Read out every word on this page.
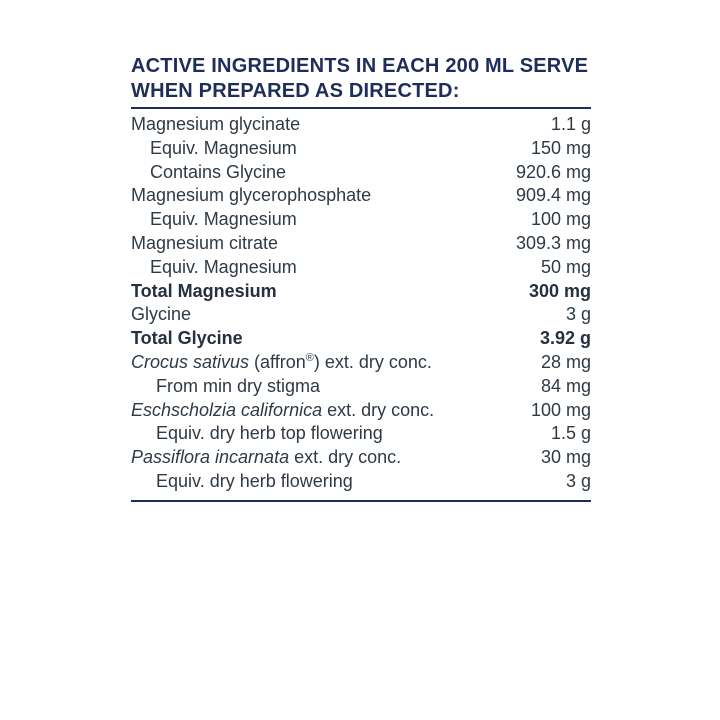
ACTIVE INGREDIENTS IN EACH 200 ML SERVE
WHEN PREPARED AS DIRECTED:
Magnesium glycinate	1.1 g
Equiv. Magnesium	150 mg
Contains Glycine	920.6 mg
Magnesium glycerophosphate	909.4 mg
Equiv. Magnesium	100 mg
Magnesium citrate	309.3 mg
Equiv. Magnesium	50 mg
Total Magnesium	300 mg
Glycine	3 g
Total Glycine	3.92 g
Crocus sativus (affron®) ext. dry conc.	28 mg
From min dry stigma	84 mg
Eschscholzia californica ext. dry conc.	100 mg
Equiv. dry herb top flowering	1.5 g
Passiflora incarnata ext. dry conc.	30 mg
Equiv. dry herb flowering	3 g
